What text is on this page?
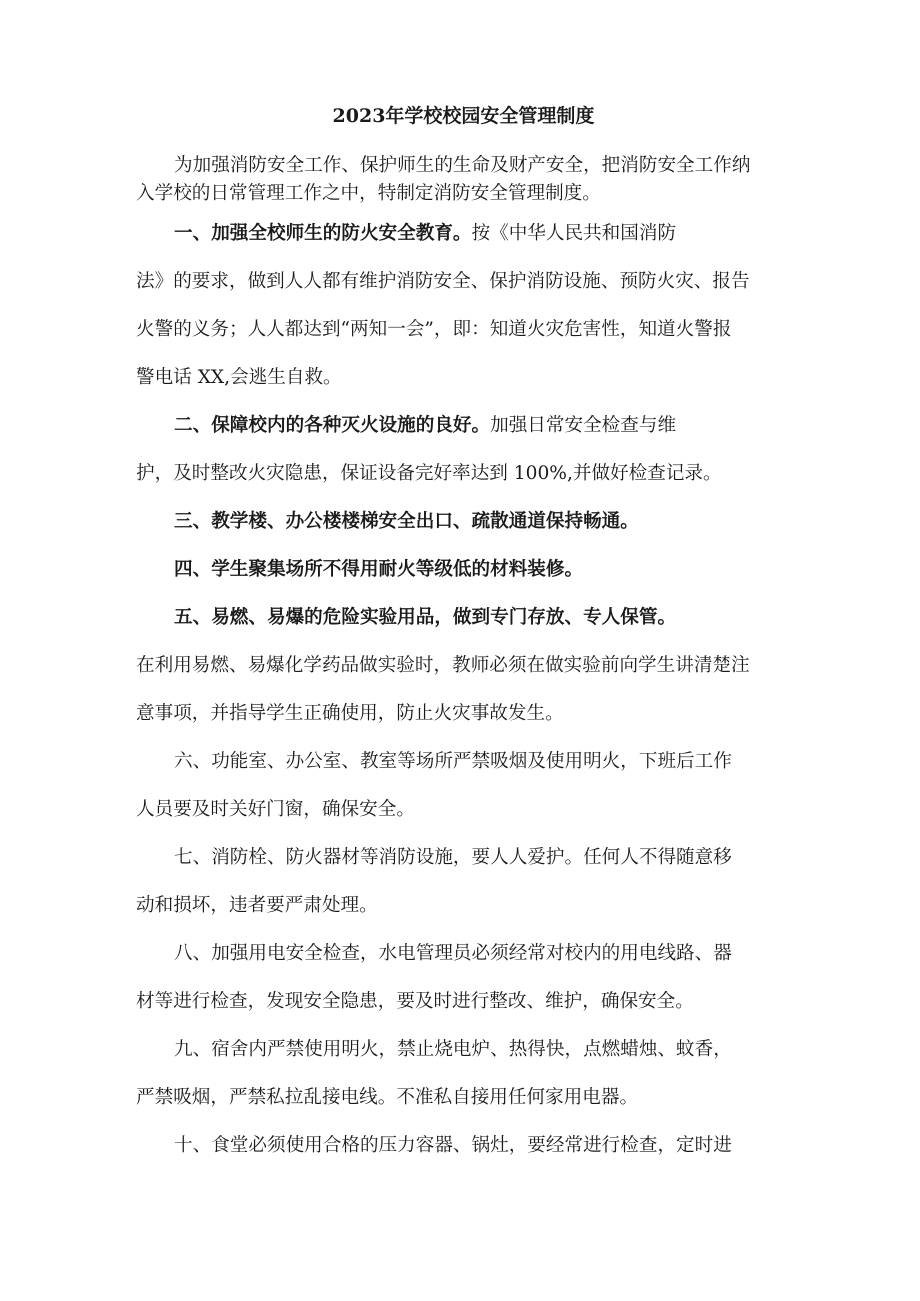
2023年学校校园安全管理制度
为加强消防安全工作、保护师生的生命及财产安全，把消防安全工作纳
入学校的日常管理工作之中，特制定消防安全管理制度。
一、加强全校师生的防火安全教育。按《中华人民共和国消防
法》的要求，做到人人都有维护消防安全、保护消防设施、预防火灾、报告
火警的义务；人人都达到“两知一会”，即：知道火灾危害性，知道火警报
警电话 XX,会逃生自救。
二、保障校内的各种灭火设施的良好。加强日常安全检查与维
护，及时整改火灾隐患，保证设备完好率达到 100%,并做好检查记录。
三、教学楼、办公楼楼梯安全出口、疏散通道保持畅通。
四、学生聚集场所不得用耐火等级低的材料装修。
五、易燃、易爆的危险实验用品，做到专门存放、专人保管。
在利用易燃、易爆化学药品做实验时，教师必须在做实验前向学生讲清楚注
意事项，并指导学生正确使用，防止火灾事故发生。
六、功能室、办公室、教室等场所严禁吸烟及使用明火，下班后工作
人员要及时关好门窗，确保安全。
七、消防栓、防火器材等消防设施，要人人爱护。任何人不得随意移
动和损坏，违者要严肃处理。
八、加强用电安全检查，水电管理员必须经常对校内的用电线路、器
材等进行检查，发现安全隐患，要及时进行整改、维护，确保安全。
九、宿舍内严禁使用明火，禁止烧电炉、热得快，点燃蜡烛、蚊香，
严禁吸烟，严禁私拉乱接电线。不准私自接用任何家用电器。
十、食堂必须使用合格的压力容器、锅灶，要经常进行检查，定时进
